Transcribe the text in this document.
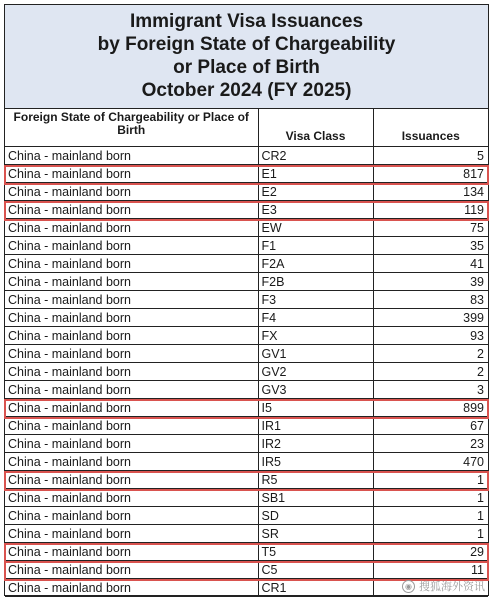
Immigrant Visa Issuances
by Foreign State of Chargeability
or Place of Birth
October 2024 (FY 2025)
Foreign State of Chargeability or Place of Birth	Visa Class	Issuances
China - mainland born	CR2	5
China - mainland born	E1	817
China - mainland born	E2	134
China - mainland born	E3	119
China - mainland born	EW	75
China - mainland born	F1	35
China - mainland born	F2A	41
China - mainland born	F2B	39
China - mainland born	F3	83
China - mainland born	F4	399
China - mainland born	FX	93
China - mainland born	GV1	2
China - mainland born	GV2	2
China - mainland born	GV3	3
China - mainland born	I5	899
China - mainland born	IR1	67
China - mainland born	IR2	23
China - mainland born	IR5	470
China - mainland born	R5	1
China - mainland born	SB1	1
China - mainland born	SD	1
China - mainland born	SR	1
China - mainland born	T5	29
China - mainland born	C5	11
China - mainland born	CR1		◉ 搜狐海外资讯
